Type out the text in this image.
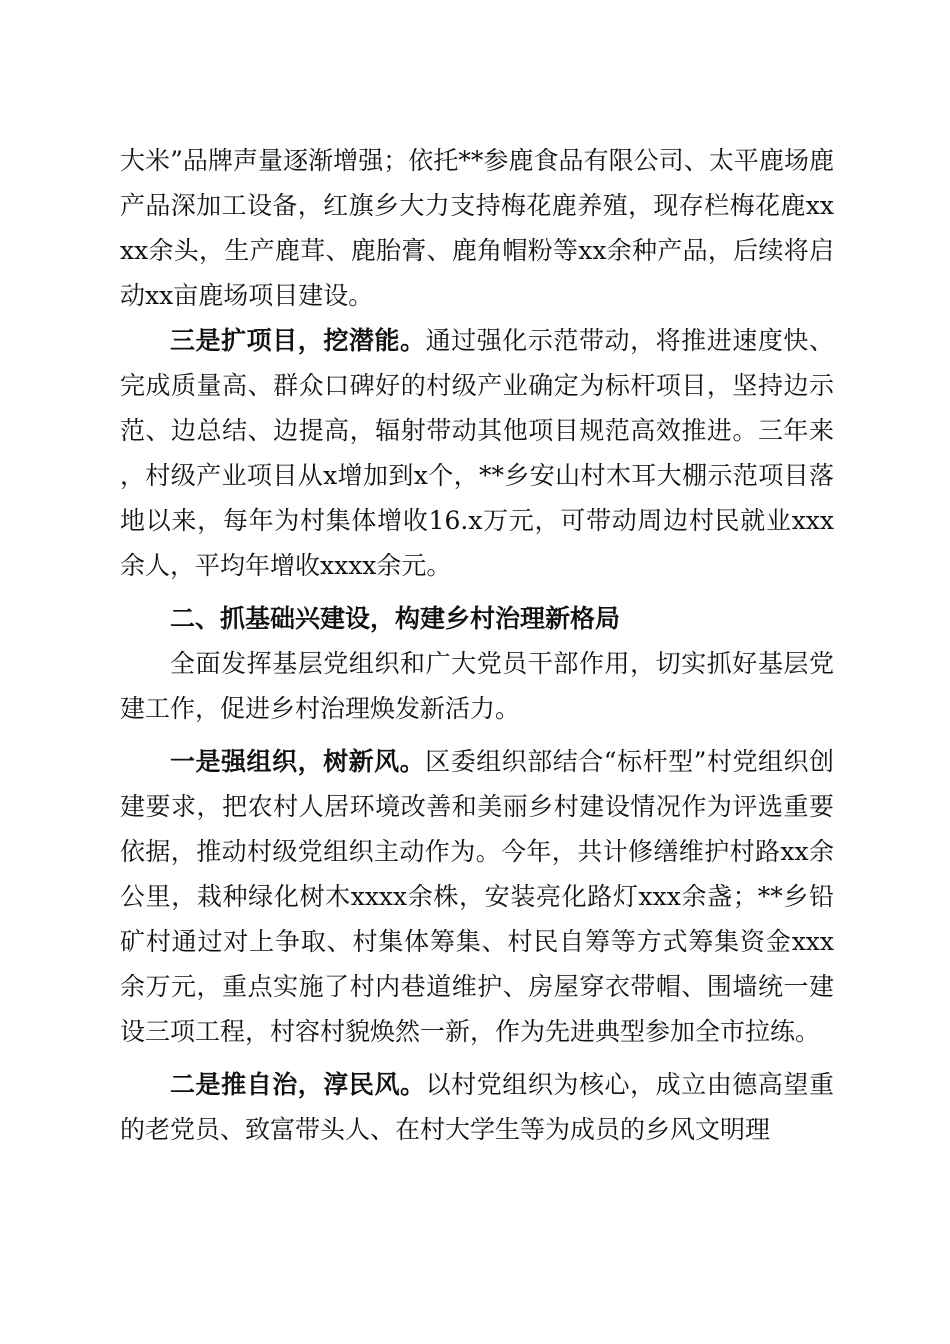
大米”品牌声量逐渐增强；依托**参鹿食品有限公司、太平鹿场鹿产品深加工设备，红旗乡大力支持梅花鹿养殖，现存栏梅花鹿xxxx余头，生产鹿茸、鹿胎膏、鹿角帽粉等xx余种产品，后续将启动xx亩鹿场项目建设。

三是扩项目，挖潜能。通过强化示范带动，将推进速度快、完成质量高、群众口碑好的村级产业确定为标杆项目，坚持边示范、边总结、边提高，辐射带动其他项目规范高效推进。三年来，村级产业项目从x增加到x个，**乡安山村木耳大棚示范项目落地以来，每年为村集体增收16.x万元，可带动周边村民就业xxx余人，平均年增收xxxx余元。

二、抓基础兴建设，构建乡村治理新格局

全面发挥基层党组织和广大党员干部作用，切实抓好基层党建工作，促进乡村治理焕发新活力。

一是强组织，树新风。区委组织部结合“标杆型”村党组织创建要求，把农村人居环境改善和美丽乡村建设情况作为评选重要依据，推动村级党组织主动作为。今年，共计修缮维护村路xx余公里，栽种绿化树木xxxx余株，安装亮化路灯xxx余盏；**乡铅矿村通过对上争取、村集体筹集、村民自筹等方式筹集资金xxx余万元，重点实施了村内巷道维护、房屋穿衣带帽、围墙统一建设三项工程，村容村貌焕然一新，作为先进典型参加全市拉练。

二是推自治，淳民风。以村党组织为核心，成立由德高望重的老党员、致富带头人、在村大学生等为成员的乡风文明理
